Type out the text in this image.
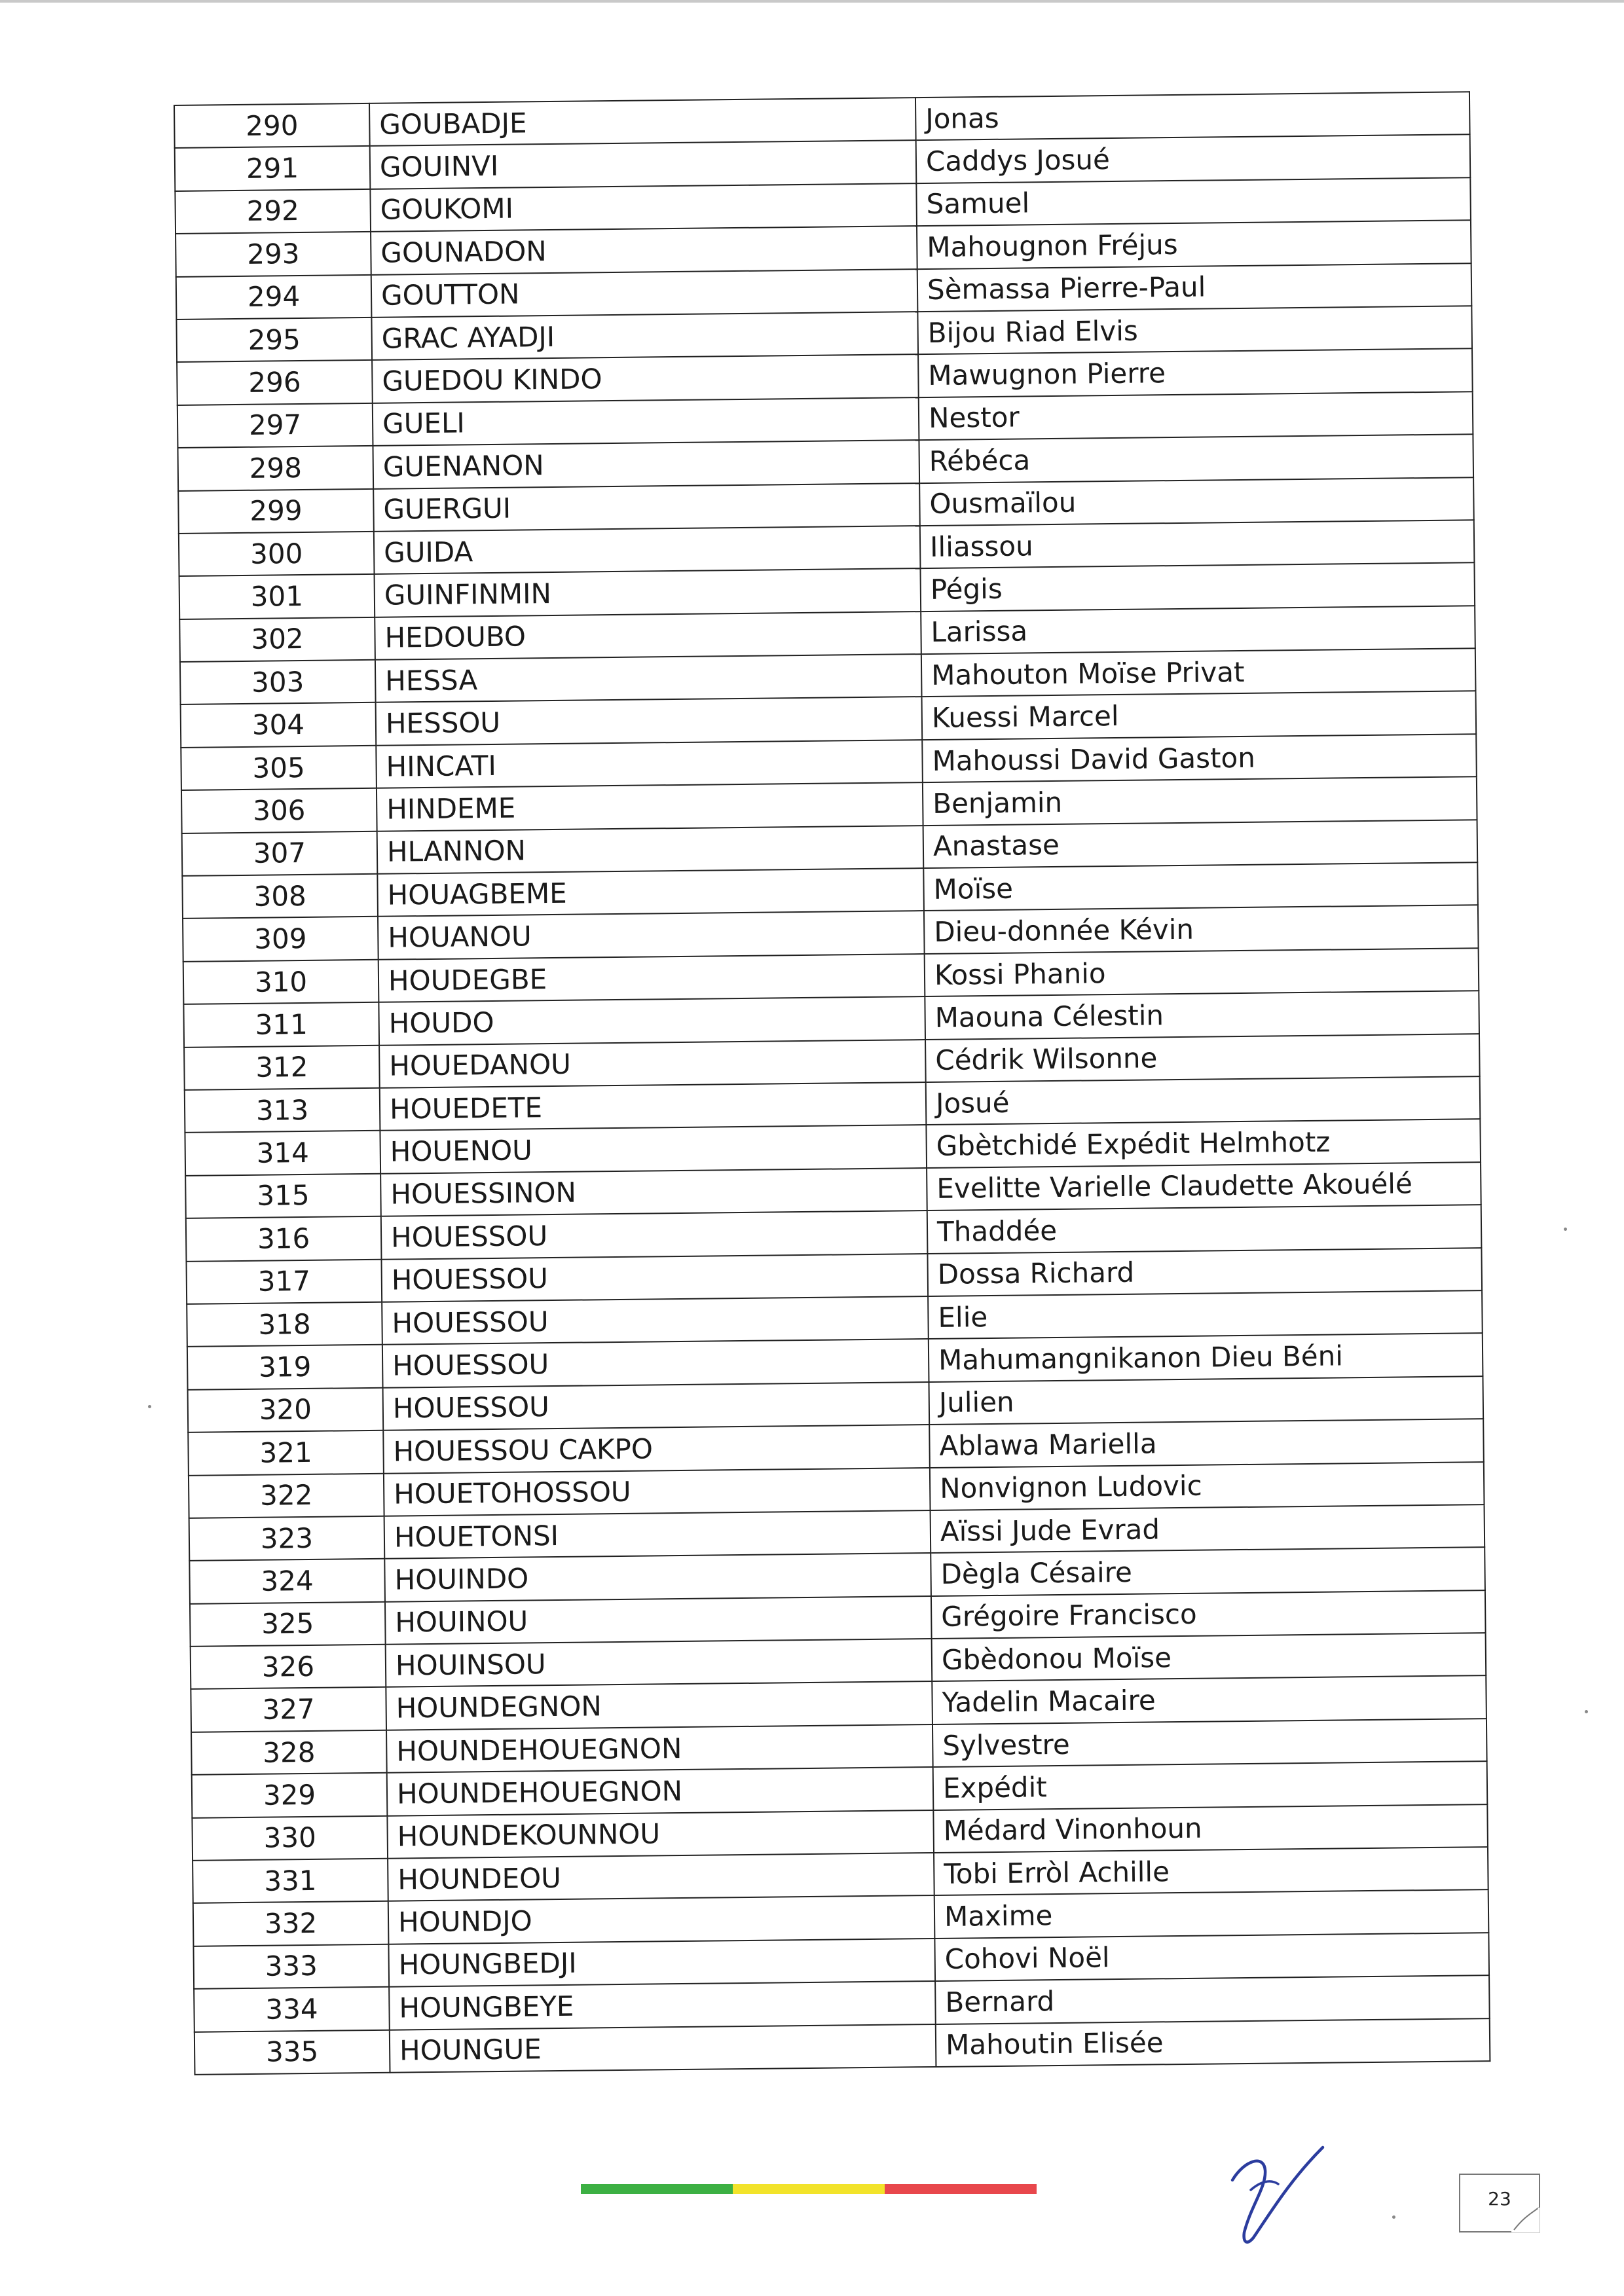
290	GOUBADJE	Jonas
291	GOUINVI	Caddys Josué
292	GOUKOMI	Samuel
293	GOUNADON	Mahougnon Fréjus
294	GOUTTON	Sèmassa Pierre-Paul
295	GRAC AYADJI	Bijou Riad Elvis
296	GUEDOU KINDO	Mawugnon Pierre
297	GUELI	Nestor
298	GUENANON	Rébéca
299	GUERGUI	Ousmaïlou
300	GUIDA	Iliassou
301	GUINFINMIN	Pégis
302	HEDOUBO	Larissa
303	HESSA	Mahouton Moïse Privat
304	HESSOU	Kuessi Marcel
305	HINCATI	Mahoussi David Gaston
306	HINDEME	Benjamin
307	HLANNON	Anastase
308	HOUAGBEME	Moïse
309	HOUANOU	Dieu-donnée Kévin
310	HOUDEGBE	Kossi Phanio
311	HOUDO	Maouna Célestin
312	HOUEDANOU	Cédrik Wilsonne
313	HOUEDETE	Josué
314	HOUENOU	Gbètchidé Expédit Helmhotz
315	HOUESSINON	Evelitte Varielle Claudette Akouélé
316	HOUESSOU	Thaddée
317	HOUESSOU	Dossa Richard
318	HOUESSOU	Elie
319	HOUESSOU	Mahumangnikanon Dieu Béni
320	HOUESSOU	Julien
321	HOUESSOU CAKPO	Ablawa Mariella
322	HOUETOHOSSOU	Nonvignon Ludovic
323	HOUETONSI	Aïssi Jude Evrad
324	HOUINDO	Dègla Césaire
325	HOUINOU	Grégoire Francisco
326	HOUINSOU	Gbèdonou Moïse
327	HOUNDEGNON	Yadelin Macaire
328	HOUNDEHOUEGNON	Sylvestre
329	HOUNDEHOUEGNON	Expédit
330	HOUNDEKOUNNOU	Médard Vinonhoun
331	HOUNDEOU	Tobi Erròl Achille
332	HOUNDJO	Maxime
333	HOUNGBEDJI	Cohovi Noël
334	HOUNGBEYE	Bernard
335	HOUNGUE	Mahoutin Elisée
23
